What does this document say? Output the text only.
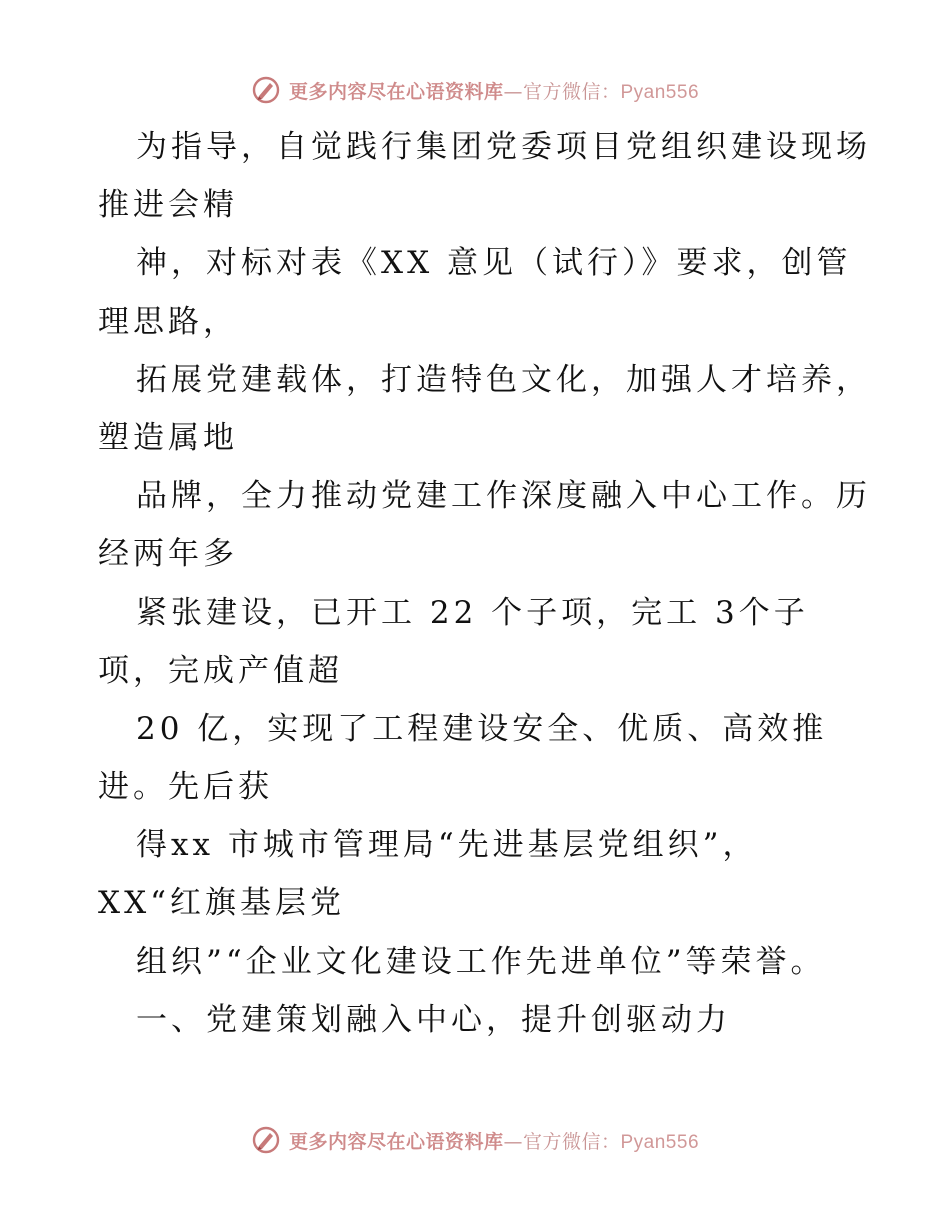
更多内容尽在心语资料库—官方微信：Pyan556
为指导，自觉践行集团党委项目党组织建设现场
推进会精
神，对标对表《XX 意见（试行）》要求，创管
理思路，
拓展党建载体，打造特色文化，加强人才培养，
塑造属地
品牌，全力推动党建工作深度融入中心工作。历
经两年多
紧张建设，已开工 22 个子项，完工 3个子
项，完成产值超
20 亿，实现了工程建设安全、优质、高效推
进。先后获
得xx 市城市管理局“先进基层党组织”，
XX“红旗基层党
组织”“企业文化建设工作先进单位”等荣誉。
一、党建策划融入中心，提升创驱动力
更多内容尽在心语资料库—官方微信：Pyan556
